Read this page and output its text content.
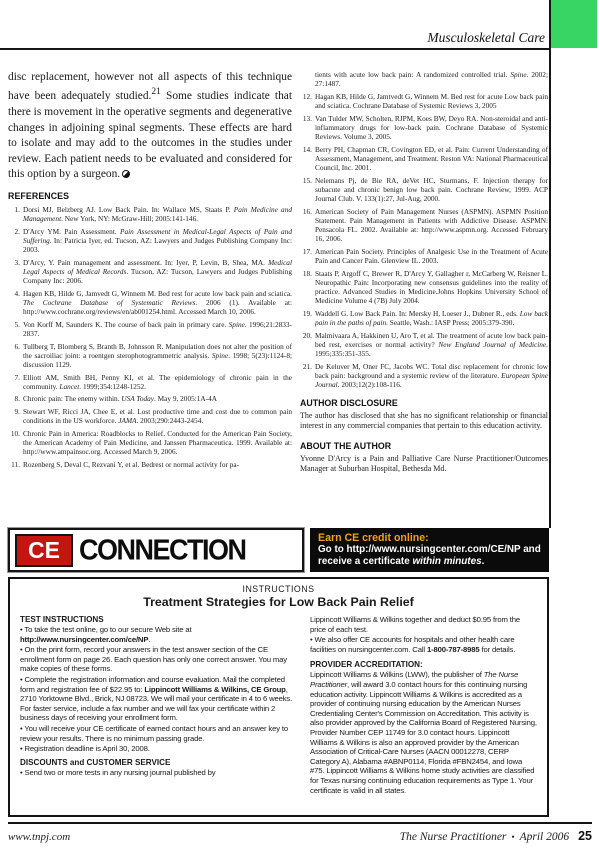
Musculoskeletal Care

disc replacement, however not all aspects of this technique have been adequately studied.$^{21}$ Some studies indicate that there is movement in the operative segments and degenerative changes in adjoining spinal segments. These effects are hard to isolate and may add to the outcomes in the studies under review. Each patient needs to be evaluated and considered for this option by a surgeon.

REFERENCES
1. Dorsi MJ, Belzberg AJ. Low Back Pain. In: Wallace MS, Staats P. Pain Medicine and Management. New York, NY: McGraw-Hill; 2005:141-146.
2. D'Arcy YM. Pain Assessment. Pain Assessment in Medical-Legal Aspects of Pain and Suffering. In: Patricia Iyer, ed. Tucson, AZ: Lawyers and Judges Publishing Company Inc: 2003.
3. D'Arcy, Y. Pain management and assessment. In: Iyer, P, Levin, B, Shea, MA. Medical Legal Aspects of Medical Records. Tucson, AZ: Tucson, Lawyers and Judges Publishing Company Inc: 2006.
4. Hagen KB, Hilde G, Jamvedt G, Winnem M. Bed rest for acute low back pain and sciatica. The Cochrane Database of Systematic Reviews. 2006 (1). Available at: http://www.cochrane.org/reviews/en/ab001254.html. Accessed March 10, 2006.
5. Von Korff M, Saunders K. The course of back pain in primary care. Spine. 1996;21:2833-2837.
6. Tullberg T, Blomberg S, Branth B, Johnsson R. Manipulation does not alter the position of the sacroiliac joint: a roentgen sterophotogrammetric analysis. Spine. 1998; 5(23):1124-8; discussion 1129.
7. Elliott AM, Smith BH, Penny KI, et al. The epidemiology of chronic pain in the community. Lancet. 1999;354:1248-1252.
8. Chronic pain: The enemy within. USA Today. May 9, 2005:1A-4A
9. Stewart WF, Ricci JA, Chee E, et al. Lost productive time and cost due to common pain conditions in the US workforce. JAMA. 2003;290:2443-2454.
10. Chronic Pain in America: Roadblocks to Relief. Conducted for the American Pain Society, the American Academy of Pain Medicine, and Janssen Pharmaceutica. 1999. Available at: http://www.ampainsoc.org. Accessed March 9, 2006.
11. Rozenberg S, Deval C, Rezvani Y, et al. Bedrest or normal activity for pa-

tients with acute low back pain: A randomized controlled trial. Spine. 2002; 27:1487.

12. Hagan KB, Hilde G, Jamtvedt G, Winnem M. Bed rest for acute Low back pain and sciatica. Cochrane Database of Systemic Reviews 3, 2005
13. Van Tulder MW, Scholten, RJPM, Koes BW, Deyo RA. Non-steroidal and anti-inflammatory drugs for low-back pain. Cochrane Database of Systemic Reviews. Volume 3, 2005.
14. Berry PH, Chapman CR, Covington ED, et al. Pain: Current Understanding of Assessment, Management, and Treatment. Reston VA: National Pharmaceutical Council, Inc. 2001.
15. Nelemans Pj, de Bie RA, deVet HC, Sturmans, F. Injection therapy for subacute and chronic benign low back pain. Cochrane Review, 1999. ACP Journal Club. V. 133(1):27, Jul-Aug, 2000.
16. American Society of Pain Management Nurses (ASPMN). ASPMN Position Statement. Pain Management in Patients with Addictive Disease. ASPMN: Pensacola FL. 2002. Available at: http://www.aspmn.org. Accessed February 16, 2006.
17. American Pain Society. Principles of Analgesic Use in the Treatment of Acute Pain and Cancer Pain. Glenview IL. 2003.
18. Staats P, Argoff C, Brewer R, D'Arcy Y, Gallagher r, McCarberg W, Reisner L. Neuropathic Pain: Incorporating new consensus guidelines into the reality of practice. Advanced Studies in Medicine.Johns Hopkins University School of Medicine Volume 4 (7B) July 2004.
19. Waddell G. Low Back Pain. In: Mersky H, Loeser J., Dubner R., eds. Low back pain in the paths of pain. Seattle, Wash.: IASP Press; 2005:379-390.
20. Malmivaara A, Hakkinen U, Aro T, et al. The treatment of acute low back pain-bed rest, exercises or normal activity? New England Journal of Medicine. 1995;335:351-355.
21. De Keluver M, Oner FC, Jacobs WC. Total disc replacement for chronic low back pain: background and a systemic review of the literature. European Spine Journal. 2003;12(2):108-116.
AUTHOR DISCLOSURE

The author has disclosed that she has no significant relationship or financial interest in any commercial companies that pertain to this education activity.

ABOUT THE AUTHOR

Yvonne D'Arcy is a Pain and Palliative Care Nurse Practitioner/Outcomes Manager at Suburban Hospital, Bethesda Md.

CE CONNECTION	Earn CE credit online:
Go to http://www.nursingcenter.com/CE/NP and
receive a certificate within minutes.
INSTRUCTIONS
Treatment Strategies for Low Back Pain Relief
TEST INSTRUCTIONS

• To take the test online, go to our secure Web site at http://www.nursingcenter.com/ce/NP.

• On the print form, record your answers in the test answer section of the CE enrollment form on page 26. Each question has only one correct answer. You may make copies of these forms.

• Complete the registration information and course evaluation. Mail the completed form and registration fee of $22.95 to: Lippincott Williams & Wilkins, CE Group, 2710 Yorktowne Blvd., Brick, NJ 08723. We will mail your certificate in 4 to 6 weeks. For faster service, include a fax number and we will fax your certificate within 2 business days of receiving your enrollment form.

• You will receive your CE certificate of earned contact hours and an answer key to review your results. There is no minimum passing grade.

• Registration deadline is April 30, 2008.

DISCOUNTS and CUSTOMER SERVICE

• Send two or more tests in any nursing journal published by

Lippincott Williams & Wilkins together and deduct $0.95 from the price of each test.

• We also offer CE accounts for hospitals and other health care facilities on nursingcenter.com. Call 1-800-787-8985 for details.

PROVIDER ACCREDITATION:

Lippincott Williams & Wilkins (LWW), the publisher of The Nurse Practitioner, will award 3.0 contact hours for this continuing nursing education activity. Lippincott Williams & Wilkins is accredited as a provider of continuing nursing education by the American Nurses Credentialing Center's Commission on Accreditation. This activity is also provider approved by the California Board of Registered Nursing, Provider Number CEP 11749 for 3.0 contact hours. Lippincott Williams & Wilkins is also an approved provider by the American Association of Critical-Care Nurses (AACN 00012278, CERP Category A), Alabama #ABNP0114, Florida #FBN2454, and Iowa #75. Lippincott Williams & Wilkins home study activities are classified for Texas nursing continuing education requirements as Type 1. Your certificate is valid in all states.

www.tnpj.com	The Nurse Practitioner • April 2006 25
